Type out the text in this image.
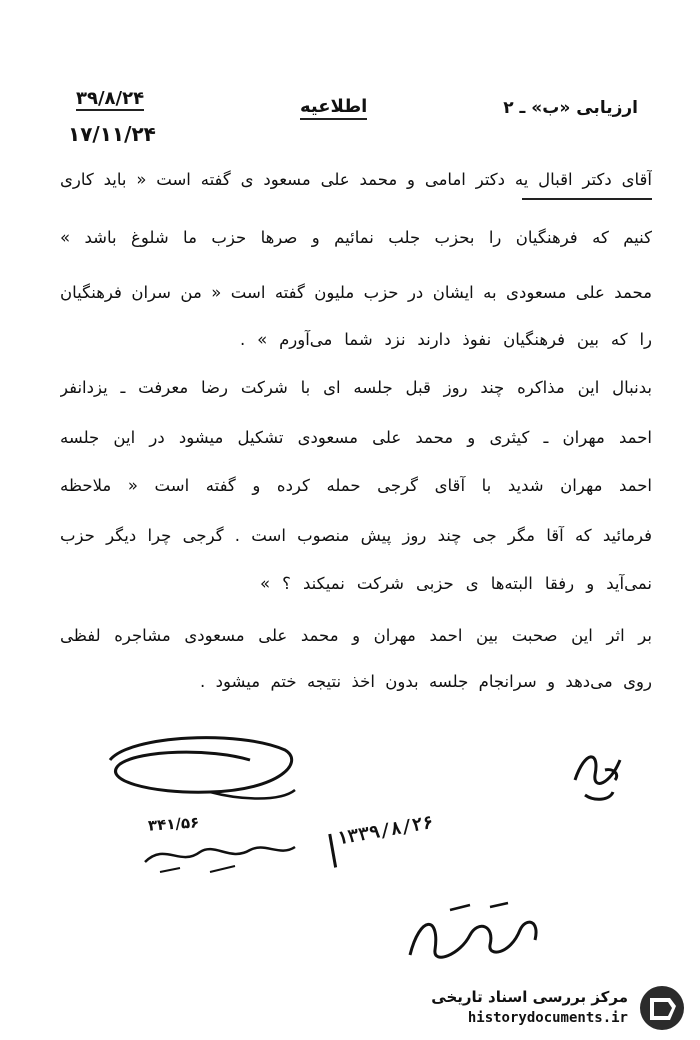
ارزیابی «ب» ـ ۲
اطلاعیه
۳۹/۸/۲۴
۱۷/۱۱/۲۴
آقای دکتر اقبال یه دکتر امامی و محمد علی مسعود ی گفته است « باید کاری
کنیم که فرهنگیان را بحزب جلب نمائیم و صرها حزب ما شلوغ باشد »
محمد علی مسعودی به ایشان در حزب ملیون گفته است « من سران فرهنگیان
را که بین فرهنگیان نفوذ دارند نزد شما می‌آورم » .
بدنبال این مذاکره چند روز قبل جلسه ای با شرکت رضا معرفت ـ یزدانفر
احمد مهران ـ کیثری و محمد علی مسعودی تشکیل میشود در این جلسه
احمد مهران شدید با آقای گرجی حمله کرده و گفته است « ملاحظه
فرمائید که آقا مگر جی چند روز پیش منصوب است . گرجی چرا دیگر حزب
نمی‌آید و رفقا البته‌ها ی حزبی شرکت نمیکند ؟ »
بر اثر این صحبت بین احمد مهران و محمد علی مسعودی مشاجره لفظی
روی می‌دهد و سرانجام جلسه بدون اخذ نتیجه ختم میشود .
۳۴۱/۵۶	۱۳۳۹/۸/۲۶
مرکز بررسی اسناد تاریخی
historydocuments.ir
